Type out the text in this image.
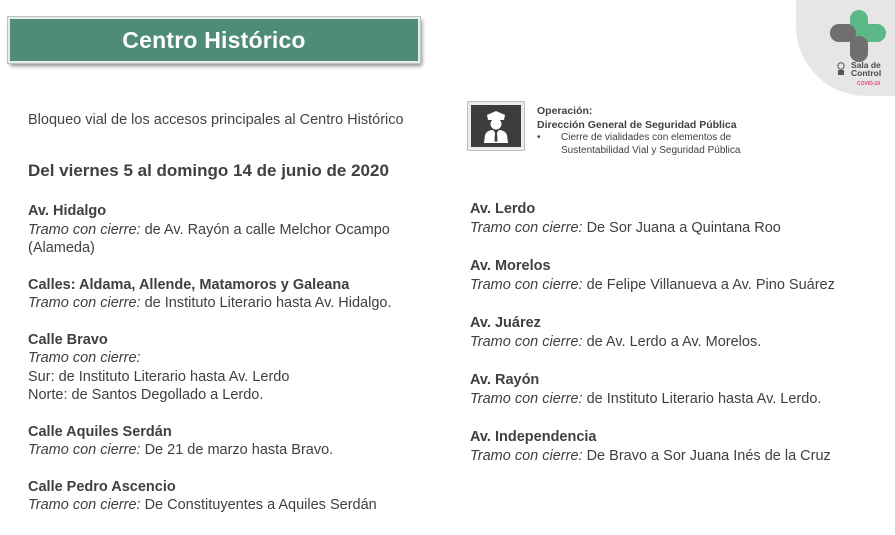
Centro Histórico
Sala de
Control
COVID-19
Bloqueo vial de los accesos principales al Centro Histórico
Del viernes 5 al domingo 14 de junio de 2020
Operación:
Dirección General de Seguridad Pública
• Cierre de vialidades con elementos de
Sustentabilidad Vial y Seguridad Pública
Av. Hidalgo
Tramo con cierre: de Av. Rayón a calle Melchor Ocampo
(Alameda)
Calles: Aldama, Allende, Matamoros y Galeana
Tramo con cierre: de Instituto Literario hasta Av. Hidalgo.
Calle Bravo
Tramo con cierre:
Sur: de Instituto Literario hasta Av. Lerdo
Norte: de Santos Degollado a Lerdo.
Calle Aquiles Serdán
Tramo con cierre: De 21 de marzo hasta Bravo.
Calle Pedro Ascencio
Tramo con cierre: De Constituyentes a Aquiles Serdán
Av. Lerdo
Tramo con cierre: De Sor Juana a Quintana Roo
Av. Morelos
Tramo con cierre: de Felipe Villanueva a Av. Pino Suárez
Av. Juárez
Tramo con cierre: de Av. Lerdo a Av. Morelos.
Av. Rayón
Tramo con cierre: de Instituto Literario hasta Av. Lerdo.
Av. Independencia
Tramo con cierre: De Bravo a Sor Juana Inés de la Cruz
